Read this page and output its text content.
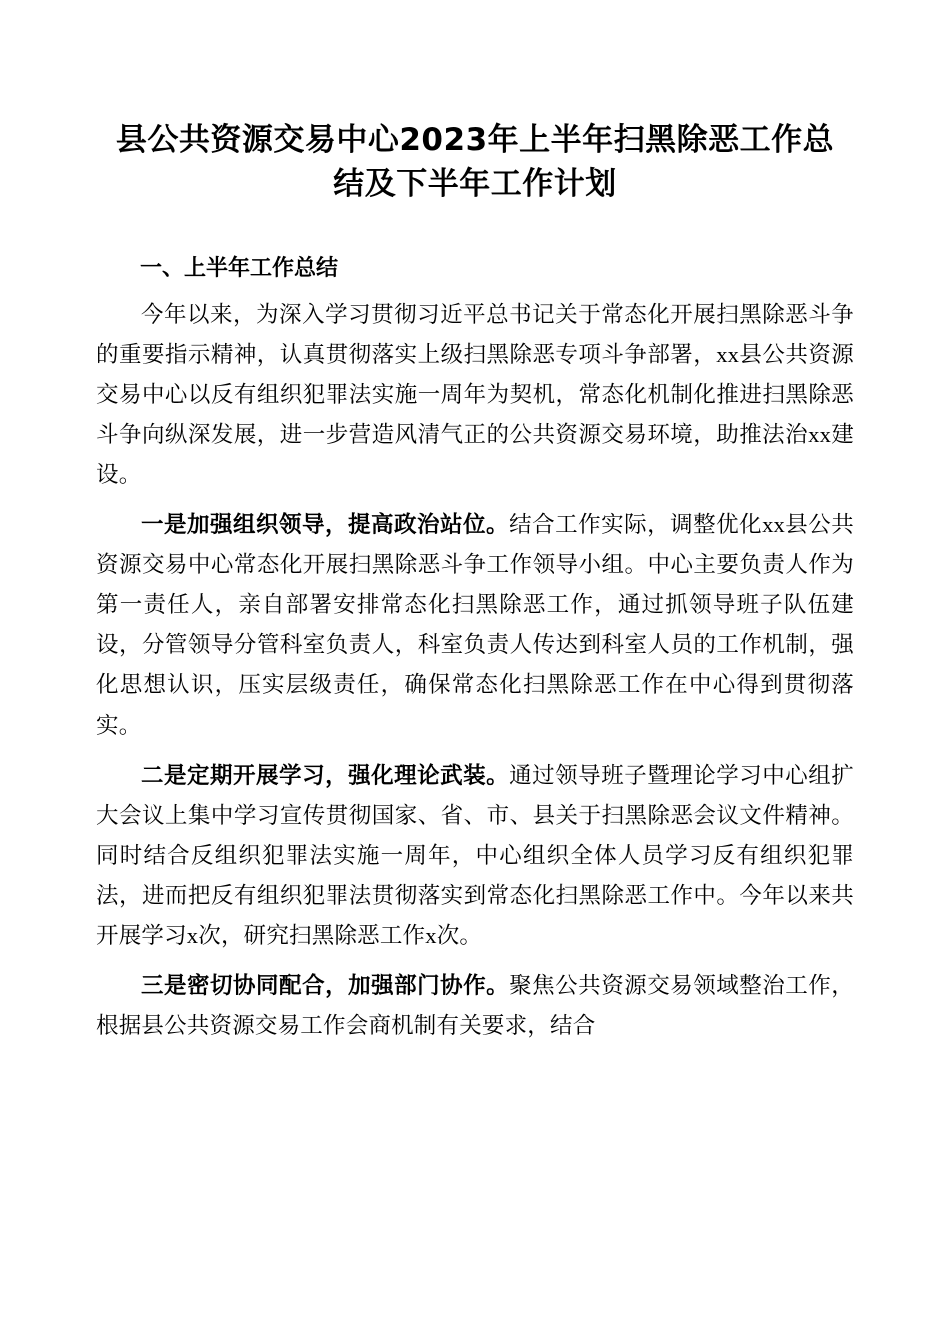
县公共资源交易中心2023年上半年扫黑除恶工作总结及下半年工作计划
一、上半年工作总结

今年以来，为深入学习贯彻习近平总书记关于常态化开展扫黑除恶斗争的重要指示精神，认真贯彻落实上级扫黑除恶专项斗争部署，xx县公共资源交易中心以反有组织犯罪法实施一周年为契机，常态化机制化推进扫黑除恶斗争向纵深发展，进一步营造风清气正的公共资源交易环境，助推法治xx建设。

一是加强组织领导，提高政治站位。结合工作实际，调整优化xx县公共资源交易中心常态化开展扫黑除恶斗争工作领导小组。中心主要负责人作为第一责任人，亲自部署安排常态化扫黑除恶工作，通过抓领导班子队伍建设，分管领导分管科室负责人，科室负责人传达到科室人员的工作机制，强化思想认识，压实层级责任，确保常态化扫黑除恶工作在中心得到贯彻落实。

二是定期开展学习，强化理论武装。通过领导班子暨理论学习中心组扩大会议上集中学习宣传贯彻国家、省、市、县关于扫黑除恶会议文件精神。同时结合反组织犯罪法实施一周年，中心组织全体人员学习反有组织犯罪法，进而把反有组织犯罪法贯彻落实到常态化扫黑除恶工作中。今年以来共开展学习x次，研究扫黑除恶工作x次。

三是密切协同配合，加强部门协作。聚焦公共资源交易领域整治工作，根据县公共资源交易工作会商机制有关要求，结合
